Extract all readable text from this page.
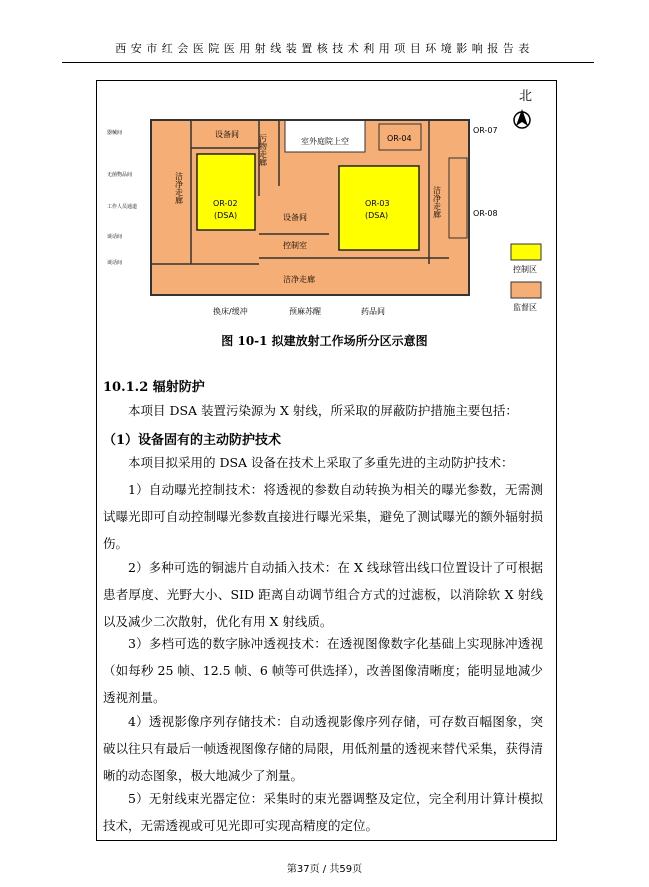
西安市红会医院医用射线装置核技术利用项目环境影响报告表
器械间
无菌物品间
工作人员通道
谈话间
谈话间
设备间 污物走廊	室外庭院上空	OR-04
OR-07
OR-08
OR-02
(DSA)
OR-03
(DSA)
洁净走廊	洁净走廊
设备间
控制室
洁净走廊
换床/缓冲	预麻苏醒	药品间
北
控制区
监督区
图 10-1 拟建放射工作场所分区示意图
10.1.2 辐射防护
本项目 DSA 装置污染源为 X 射线，所采取的屏蔽防护措施主要包括：
（1）设备固有的主动防护技术
本项目拟采用的 DSA 设备在技术上采取了多重先进的主动防护技术：
1）自动曝光控制技术：将透视的参数自动转换为相关的曝光参数，无需测试曝光即可自动控制曝光参数直接进行曝光采集，避免了测试曝光的额外辐射损伤。
2）多种可选的铜滤片自动插入技术：在 X 线球管出线口位置设计了可根据患者厚度、光野大小、SID 距离自动调节组合方式的过滤板，以消除软 X 射线以及减少二次散射，优化有用 X 射线质。
3）多档可选的数字脉冲透视技术：在透视图像数字化基础上实现脉冲透视（如每秒 25 帧、12.5 帧、6 帧等可供选择），改善图像清晰度；能明显地减少透视剂量。
4）透视影像序列存储技术：自动透视影像序列存储，可存数百幅图象，突破以往只有最后一帧透视图像存储的局限，用低剂量的透视来替代采集，获得清晰的动态图象，极大地减少了剂量。
5）无射线束光器定位：采集时的束光器调整及定位，完全利用计算计模拟技术，无需透视或可见光即可实现高精度的定位。
第37页 / 共59页
